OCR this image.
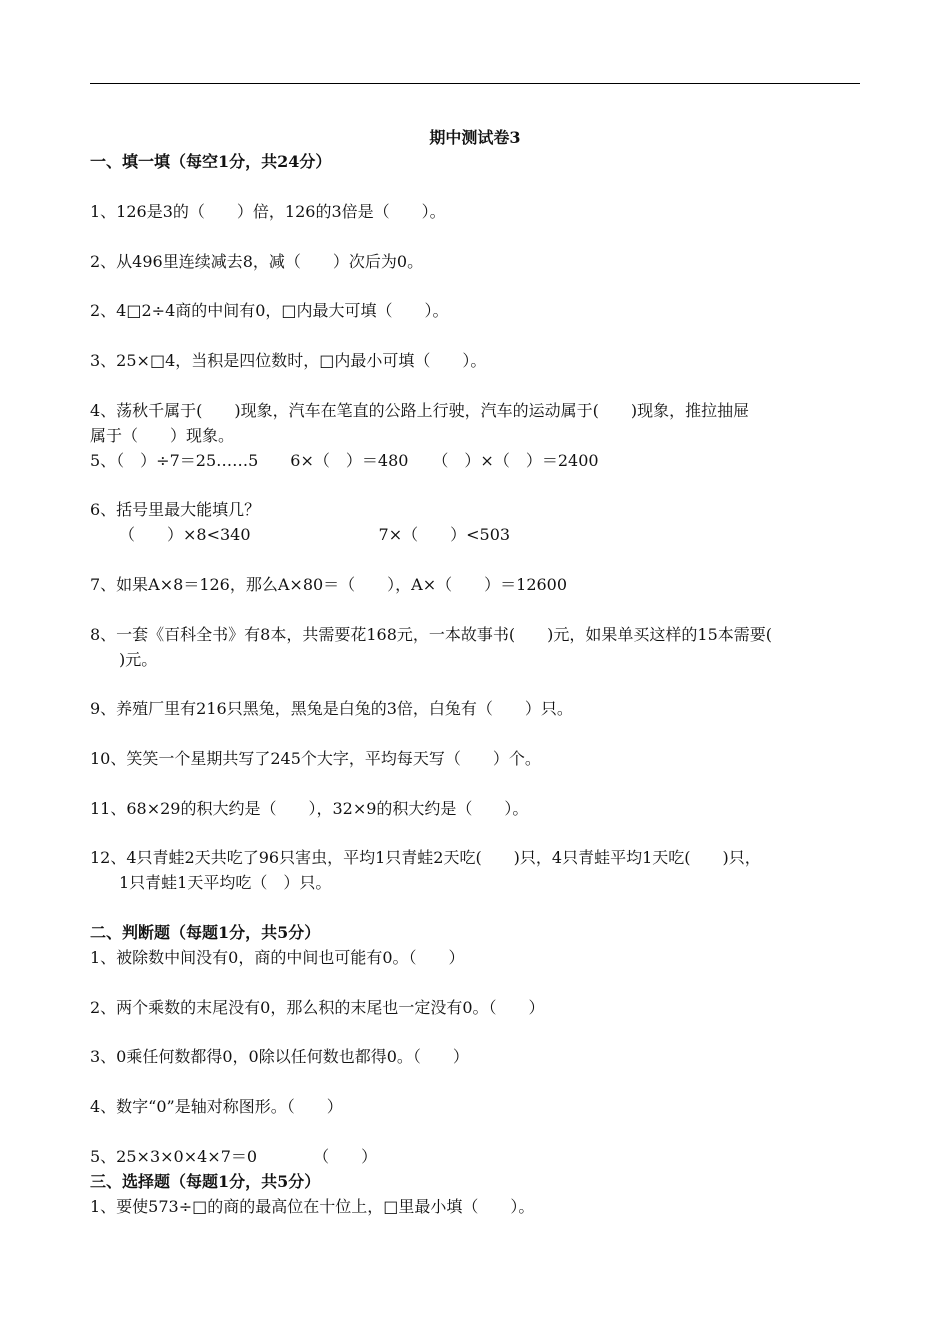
期中测试卷3
一、填一填（每空1分，共24分）
1、126是3的（　　）倍，126的3倍是（　　）。
2、从496里连续减去8，减（　　）次后为0。
2、4□2÷4商的中间有0，□内最大可填（　　）。
3、25×□4，当积是四位数时，□内最小可填（　　）。
4、荡秋千属于(　　)现象，汽车在笔直的公路上行驶，汽车的运动属于(　　)现象，推拉抽屉
属于（　　）现象。
5、（　）÷7＝25……5　　6×（　）＝480　　（　）×（　）＝2400
6、括号里最大能填几？
（　　）×8<340　　　　　　　　7×（　　）<503
7、如果A×8＝126，那么A×80＝（　　），A×（　　）＝12600
8、一套《百科全书》有8本，共需要花168元，一本故事书(　　)元，如果单买这样的15本需要(
)元。
9、养殖厂里有216只黑兔，黑兔是白兔的3倍，白兔有（　　）只。
10、笑笑一个星期共写了245个大字，平均每天写（　　）个。
11、68×29的积大约是（　　），32×9的积大约是（　　）。
12、4只青蛙2天共吃了96只害虫，平均1只青蛙2天吃(　　)只，4只青蛙平均1天吃(　　)只，
1只青蛙1天平均吃（　）只。
二、判断题（每题1分，共5分）
1、被除数中间没有0，商的中间也可能有0。（　　）
2、两个乘数的末尾没有0，那么积的末尾也一定没有0。（　　）
3、0乘任何数都得0，0除以任何数也都得0。（　　）
4、数字“0”是轴对称图形。（　　）
5、25×3×0×4×7＝0　　　　（　　）
三、选择题（每题1分，共5分）
1、要使573÷□的商的最高位在十位上，□里最小填（　　）。
